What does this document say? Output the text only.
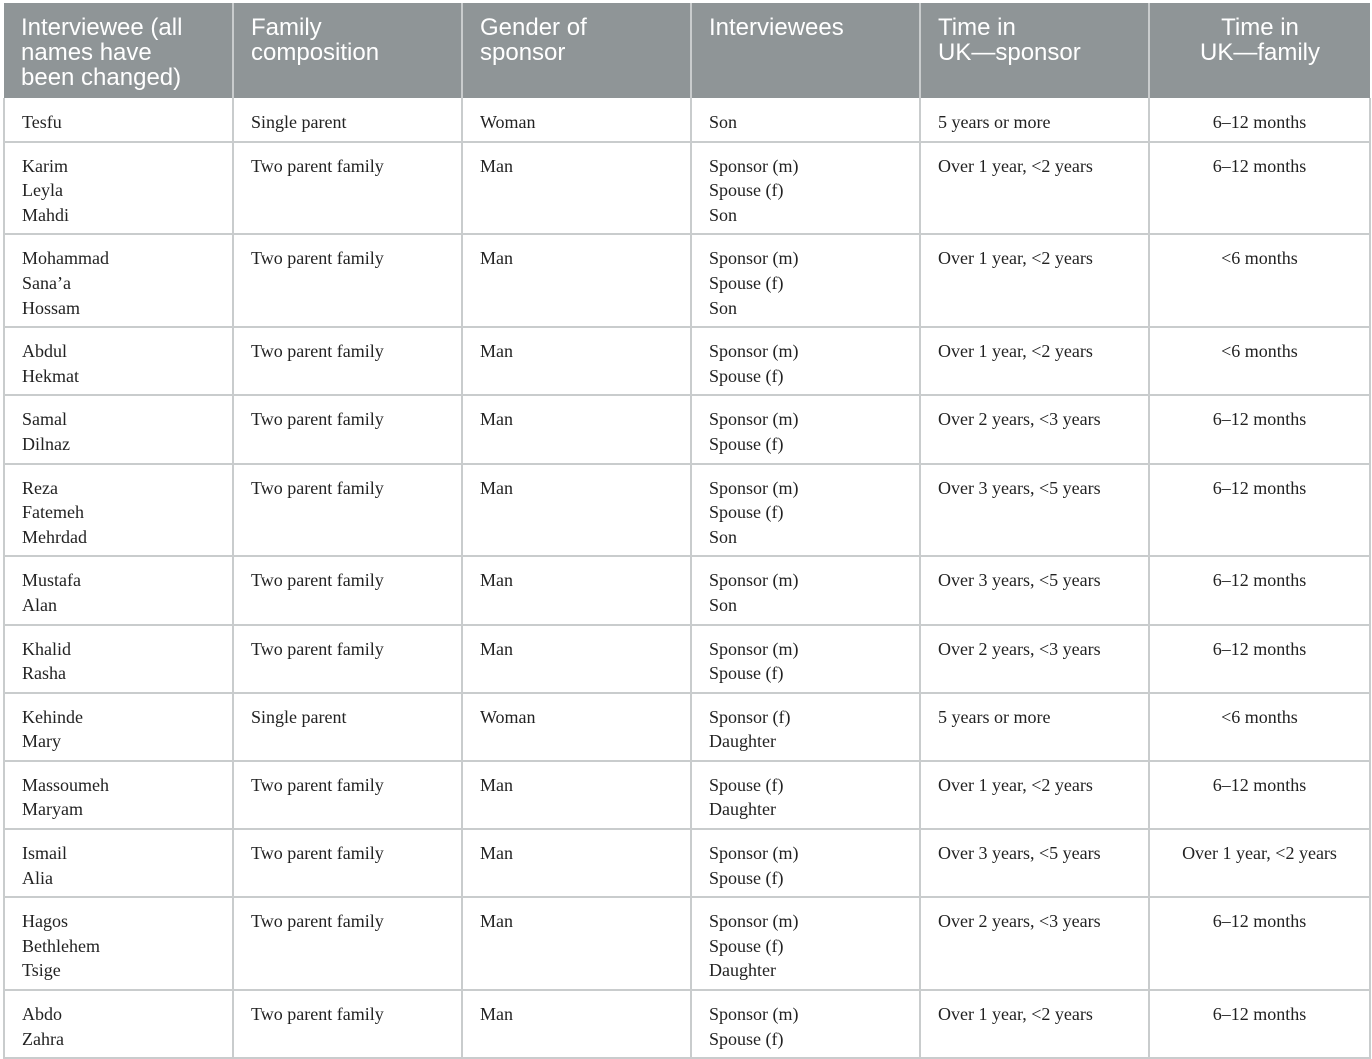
Interviewee (all
names have
been changed)	Family
composition	Gender of
sponsor	Interviewees	Time in
UK—sponsor	Time in
UK—family

Tesfu	Single parent	Woman	Son	5 years or more	6–12 months

Karim
Leyla
Mahdi	Two parent family	Man	Sponsor (m)
Spouse (f)
Son	Over 1 year, <2 years	6–12 months

Mohammad
Sana’a
Hossam	Two parent family	Man	Sponsor (m)
Spouse (f)
Son	Over 1 year, <2 years	<6 months

Abdul
Hekmat	Two parent family	Man	Sponsor (m)
Spouse (f)	Over 1 year, <2 years	<6 months

Samal
Dilnaz	Two parent family	Man	Sponsor (m)
Spouse (f)	Over 2 years, <3 years	6–12 months

Reza
Fatemeh
Mehrdad	Two parent family	Man	Sponsor (m)
Spouse (f)
Son	Over 3 years, <5 years	6–12 months

Mustafa
Alan	Two parent family	Man	Sponsor (m)
Son	Over 3 years, <5 years	6–12 months

Khalid
Rasha	Two parent family	Man	Sponsor (m)
Spouse (f)	Over 2 years, <3 years	6–12 months

Kehinde
Mary	Single parent	Woman	Sponsor (f)
Daughter	5 years or more	<6 months

Massoumeh
Maryam	Two parent family	Man	Spouse (f)
Daughter	Over 1 year, <2 years	6–12 months

Ismail
Alia	Two parent family	Man	Sponsor (m)
Spouse (f)	Over 3 years, <5 years	Over 1 year, <2 years

Hagos
Bethlehem
Tsige	Two parent family	Man	Sponsor (m)
Spouse (f)
Daughter	Over 2 years, <3 years	6–12 months

Abdo
Zahra	Two parent family	Man	Sponsor (m)
Spouse (f)	Over 1 year, <2 years	6–12 months
